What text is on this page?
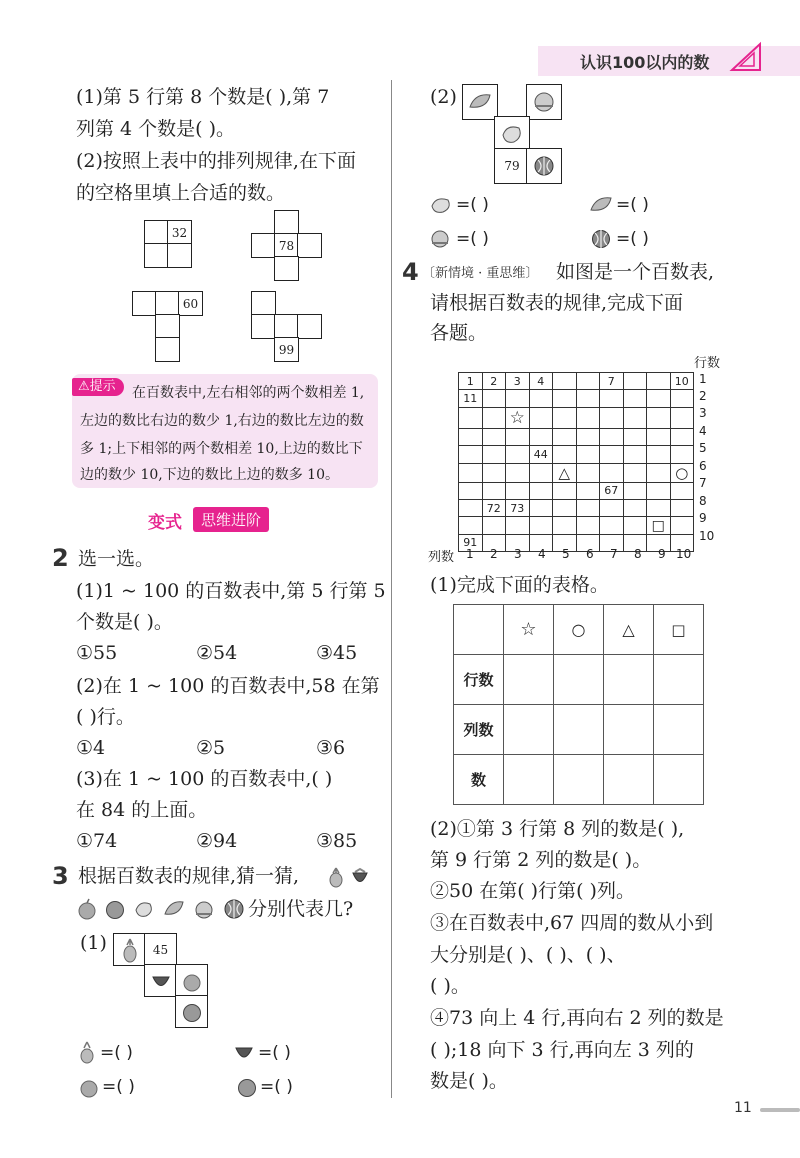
认识100以内的数
(1)第 5 行第 8 个数是( ),第 7
列第 4 个数是( )。
(2)按照上表中的排列规律,在下面
的空格里填上合适的数。
32
78
60
99
⚠提示	在百数表中,左右相邻的两个数相差 1,
左边的数比右边的数少 1,右边的数比左边的数
多 1;上下相邻的两个数相差 10,上边的数比下
边的数少 10,下边的数比上边的数多 10。
变式	思维进阶
2 选一选。
(1)1 ~ 100 的百数表中,第 5 行第 5
个数是( )。
①55	②54	③45
(2)在 1 ~ 100 的百数表中,58 在第
( )行。
①4	②5	③6
(3)在 1 ~ 100 的百数表中,( )
在 84 的上面。
①74	②94	③85
3 根据百数表的规律,猜一猜,
分别代表几?
(1)	45
=( )	=( )
=( )	=( )
(2)
79
=( )	=( )
=( )	=( )
4 〔新情境 · 重思维〕 如图是一个百数表,
请根据百数表的规律,完成下面
各题。
行数
列数
1	2	3	4			7			10
11									
		☆							

			44						
				△					○
						67			
	72	73							
								□	
91									
1
2
3
4
5
6
7
8
9
10
1 2 3 4 5 6 7 8 9 10
(1)完成下面的表格。
	☆	○	△	□
行数				
列数				
数				
(2)①第 3 行第 8 列的数是( ),
第 9 行第 2 列的数是( )。
②50 在第( )行第( )列。
③在百数表中,67 四周的数从小到
大分别是( )、( )、( )、
( )。
④73 向上 4 行,再向右 2 列的数是
( );18 向下 3 行,再向左 3 列的
数是( )。
11
